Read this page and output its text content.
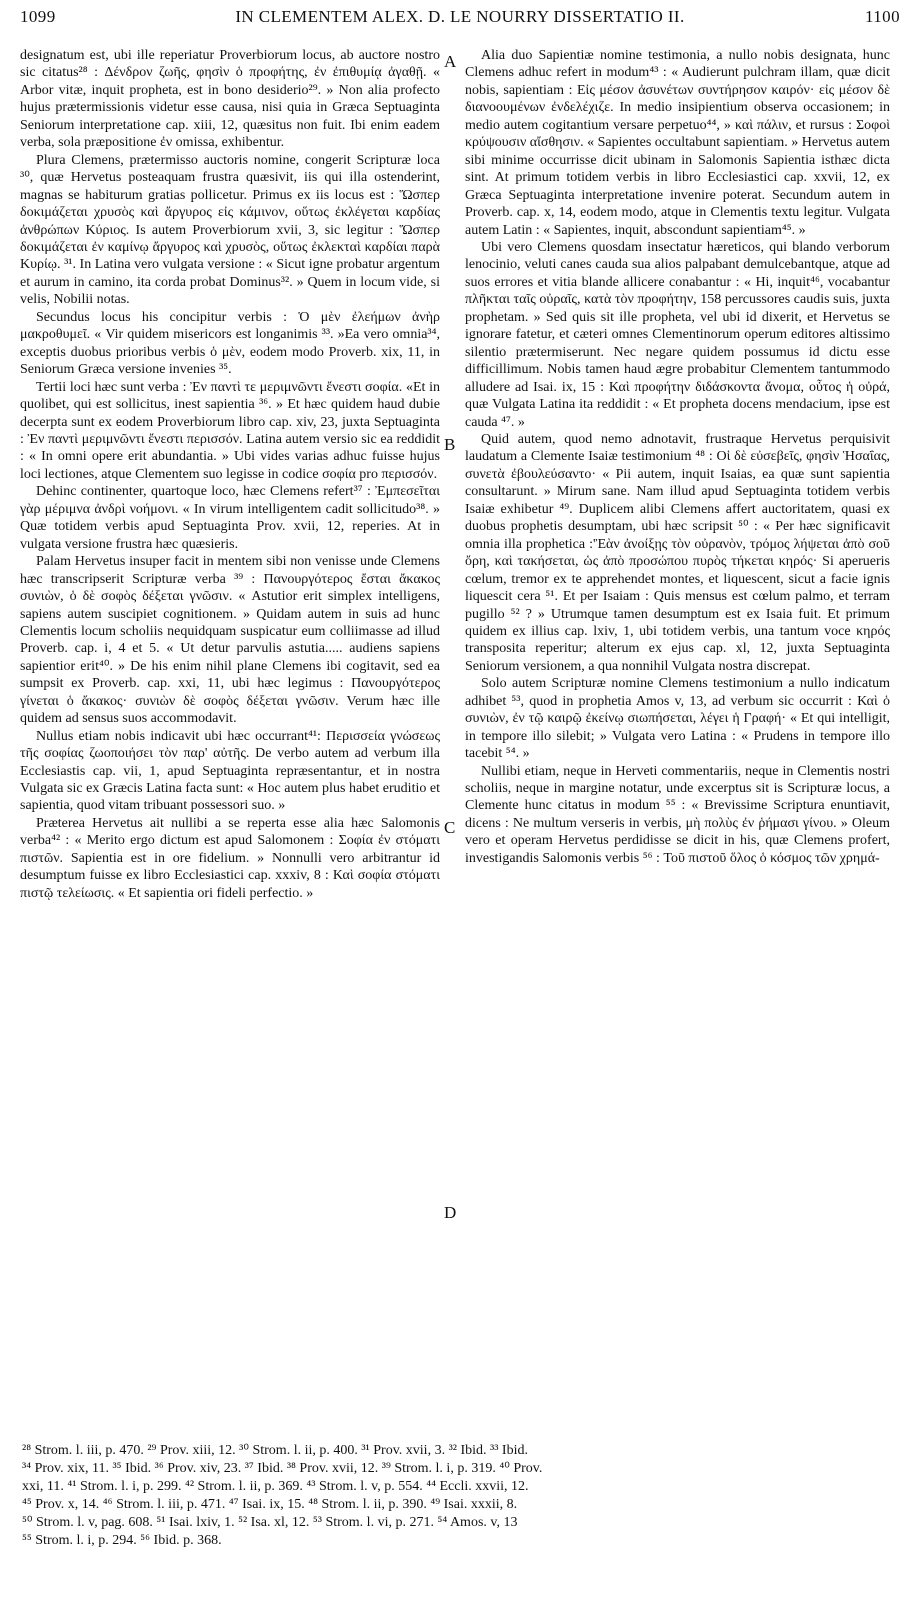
1099	IN CLEMENTEM ALEX. D. LE NOURRY DISSERTATIO II.	1100
A
B
C
D

designatum est, ubi ille reperiatur Proverbiorum locus, ab auctore nostro sic citatus²⁸ : Δένδρον ζωῆς, φησὶν ὁ προφήτης, ἐν ἐπιθυμίᾳ ἀγαθῇ. « Arbor vitæ, inquit propheta, est in bono desiderio²⁹. » Non alia profecto hujus prætermissionis videtur esse causa, nisi quia in Græca Septuaginta Seniorum interpretatione cap. xiii, 12, quæsitus non fuit. Ibi enim eadem verba, sola præpositione ἐν omissa, exhibentur.

Plura Clemens, prætermisso auctoris nomine, congerit Scripturæ loca ³⁰, quæ Hervetus posteaquam frustra quæsivit, iis qui illa ostenderint, magnas se habiturum gratias pollicetur. Primus ex iis locus est : Ὥσπερ δοκιμάζεται χρυσὸς καὶ ἄργυρος εἰς κάμινον, οὕτως ἐκλέγεται καρδίας ἀνθρώπων Κύριος. Is autem Proverbiorum xvii, 3, sic legitur : Ὥσπερ δοκιμάζεται ἐν καμίνῳ ἄργυρος καὶ χρυσὸς, οὕτως ἐκλεκταὶ καρδίαι παρὰ Κυρίῳ. ³¹. In Latina vero vulgata versione : « Sicut igne probatur argentum et aurum in camino, ita corda probat Dominus³². » Quem in locum vide, si velis, Nobilii notas.

Secundus locus his concipitur verbis : Ὁ μὲν ἐλεήμων ἀνὴρ μακροθυμεῖ. « Vir quidem misericors est longanimis ³³. »Ea vero omnia³⁴, exceptis duobus prioribus verbis ὁ μὲν, eodem modo Proverb. xix, 11, in Seniorum Græca versione invenies ³⁵.

Tertii loci hæc sunt verba : Ἐν παντὶ τε μεριμνῶντι ἔνεστι σοφία. «Et in quolibet, qui est sollicitus, inest sapientia ³⁶. » Et hæc quidem haud dubie decerpta sunt ex eodem Proverbiorum libro cap. xiv, 23, juxta Septuaginta : Ἐν παντὶ μεριμνῶντι ἔνεστι περισσόν. Latina autem versio sic ea reddidit : « In omni opere erit abundantia. » Ubi vides varias adhuc fuisse hujus loci lectiones, atque Clementem suo legisse in codice σοφία pro περισσόν.

Dehinc continenter, quartoque loco, hæc Clemens refert³⁷ : Ἐμπεσεῖται γὰρ μέριμνα ἀνδρὶ νοήμονι. « In virum intelligentem cadit sollicitudo³⁸. » Quæ totidem verbis apud Septuaginta Prov. xvii, 12, reperies. At in vulgata versione frustra hæc quæsieris.

Palam Hervetus insuper facit in mentem sibi non venisse unde Clemens hæc transcripserit Scripturæ verba ³⁹ : Πανουργότερος ἔσται ἄκακος συνιὼν, ὁ δὲ σοφὸς δέξεται γνῶσιν. « Astutior erit simplex intelligens, sapiens autem suscipiet cognitionem. » Quidam autem in suis ad hunc Clementis locum scholiis nequidquam suspicatur eum colliimasse ad illud Proverb. cap. i, 4 et 5. « Ut detur parvulis astutia..... audiens sapiens sapientior erit⁴⁰. » De his enim nihil plane Clemens ibi cogitavit, sed ea sumpsit ex Proverb. cap. xxi, 11, ubi hæc legimus : Πανουργότερος γίνεται ὁ ἄκακος· συνιὼν δὲ σοφὸς δέξεται γνῶσιν. Verum hæc ille quidem ad sensus suos accommodavit.

Nullus etiam nobis indicavit ubi hæc occurrant⁴¹: Περισσεία γνώσεως τῆς σοφίας ζωοποιήσει τὸν παρ' αὐτῆς. De verbo autem ad verbum illa Ecclesiastis cap. vii, 1, apud Septuaginta repræsentantur, et in nostra Vulgata sic ex Græcis Latina facta sunt: « Hoc autem plus habet eruditio et sapientia, quod vitam tribuant possessori suo. »

Præterea Hervetus ait nullibi a se reperta esse alia hæc Salomonis verba⁴² : « Merito ergo dictum est apud Salomonem : Σοφία ἐν στόματι πιστῶν. Sapientia est in ore fidelium. » Nonnulli vero arbitrantur id desumptum fuisse ex libro Ecclesiastici cap. xxxiv, 8 : Καὶ σοφία στόματι πιστῷ τελείωσις. « Et sapientia ori fideli perfectio. »

Alia duo Sapientiæ nomine testimonia, a nullo nobis designata, hunc Clemens adhuc refert in modum⁴³ : « Audierunt pulchram illam, quæ dicit nobis, sapientiam : Εἰς μέσον ἀσυνέτων συντήρησον καιρόν· εἰς μέσον δὲ διανοουμένων ἐνδελέχιζε. In medio insipientium observa occasionem; in medio autem cogitantium versare perpetuo⁴⁴, » καὶ πάλιν, et rursus : Σοφοὶ κρύψουσιν αἴσθησιν. « Sapientes occultabunt sapientiam. » Hervetus autem sibi minime occurrisse dicit ubinam in Salomonis Sapientia isthæc dicta sint. At primum totidem verbis in libro Ecclesiastici cap. xxvii, 12, ex Græca Septuaginta interpretatione invenire poterat. Secundum autem in Proverb. cap. x, 14, eodem modo, atque in Clementis textu legitur. Vulgata autem Latin : « Sapientes, inquit, abscondunt sapientiam⁴⁵. »

Ubi vero Clemens quosdam insectatur hæreticos, qui blando verborum lenocinio, veluti canes cauda sua alios palpabant demulcebantque, atque ad suos errores et vitia blande allicere conabantur : « Hi, inquit⁴⁶, vocabantur πλῆκται ταῖς οὐραῖς, κατὰ τὸν προφήτην, 158 percussores caudis suis, juxta prophetam. » Sed quis sit ille propheta, vel ubi id dixerit, et Hervetus se ignorare fatetur, et cæteri omnes Clementinorum operum editores altissimo silentio prætermiserunt. Nec negare quidem possumus id dictu esse difficillimum. Nobis tamen haud ægre probabitur Clementem tantummodo alludere ad Isai. ix, 15 : Καὶ προφήτην διδάσκοντα ἄνομα, οὗτος ἡ οὐρά, quæ Vulgata Latina ita reddidit : « Et propheta docens mendacium, ipse est cauda ⁴⁷. »

Quid autem, quod nemo adnotavit, frustraque Hervetus perquisivit laudatum a Clemente Isaiæ testimonium ⁴⁸ : Οἱ δὲ εὐσεβεῖς, φησὶν Ἡσαΐας, συνετὰ ἐβουλεύσαντο· « Pii autem, inquit Isaias, ea quæ sunt sapientia consultarunt. » Mirum sane. Nam illud apud Septuaginta totidem verbis Isaiæ exhibetur ⁴⁹. Duplicem alibi Clemens affert auctoritatem, quasi ex duobus prophetis desumptam, ubi hæc scripsit ⁵⁰ : « Per hæc significavit omnia illa prophetica :'Ἐὰν ἀνοίξῃς τὸν οὐρανὸν, τρόμος λήψεται ἀπὸ σοῦ ὄρη, καὶ τακήσεται, ὡς ἀπὸ προσώπου πυρὸς τήκεται κηρός· Si aperueris cœlum, tremor ex te apprehendet montes, et liquescent, sicut a facie ignis liquescit cera ⁵¹. Et per Isaiam : Quis mensus est cœlum palmo, et terram pugillo ⁵² ? » Utrumque tamen desumptum est ex Isaia fuit. Et primum quidem ex illius cap. lxiv, 1, ubi totidem verbis, una tantum voce κηρός transposita reperitur; alterum ex ejus cap. xl, 12, juxta Septuaginta Seniorum versionem, a qua nonnihil Vulgata nostra discrepat.

Solo autem Scripturæ nomine Clemens testimonium a nullo indicatum adhibet ⁵³, quod in prophetia Amos v, 13, ad verbum sic occurrit : Καὶ ὁ συνιὼν, ἐν τῷ καιρῷ ἐκείνῳ σιωπήσεται, λέγει ἡ Γραφή· « Et qui intelligit, in tempore illo silebit; » Vulgata vero Latina : « Prudens in tempore illo tacebit ⁵⁴. »

Nullibi etiam, neque in Herveti commentariis, neque in Clementis nostri scholiis, neque in margine notatur, unde excerptus sit is Scripturæ locus, a Clemente hunc citatus in modum ⁵⁵ : « Brevissime Scriptura enuntiavit, dicens : Ne multum verseris in verbis, μὴ πολὺς ἐν ῥήμασι γίνου. » Oleum vero et operam Hervetus perdidisse se dicit in his, quæ Clemens profert, investigandis Salomonis verbis ⁵⁶ : Τοῦ πιστοῦ ὅλος ὁ κόσμος τῶν χρημά-

²⁸ Strom. l. iii, p. 470. ²⁹ Prov. xiii, 12. ³⁰ Strom. l. ii, p. 400. ³¹ Prov. xvii, 3. ³² Ibid. ³³ Ibid.
³⁴ Prov. xix, 11. ³⁵ Ibid. ³⁶ Prov. xiv, 23. ³⁷ Ibid. ³⁸ Prov. xvii, 12. ³⁹ Strom. l. i, p. 319. ⁴⁰ Prov.
xxi, 11. ⁴¹ Strom. l. i, p. 299. ⁴² Strom. l. ii, p. 369. ⁴³ Strom. l. v, p. 554. ⁴⁴ Eccli. xxvii, 12.
⁴⁵ Prov. x, 14. ⁴⁶ Strom. l. iii, p. 471. ⁴⁷ Isai. ix, 15. ⁴⁸ Strom. l. ii, p. 390. ⁴⁹ Isai. xxxii, 8.
⁵⁰ Strom. l. v, pag. 608. ⁵¹ Isai. lxiv, 1. ⁵² Isa. xl, 12. ⁵³ Strom. l. vi, p. 271. ⁵⁴ Amos. v, 13
⁵⁵ Strom. l. i, p. 294. ⁵⁶ Ibid. p. 368.
